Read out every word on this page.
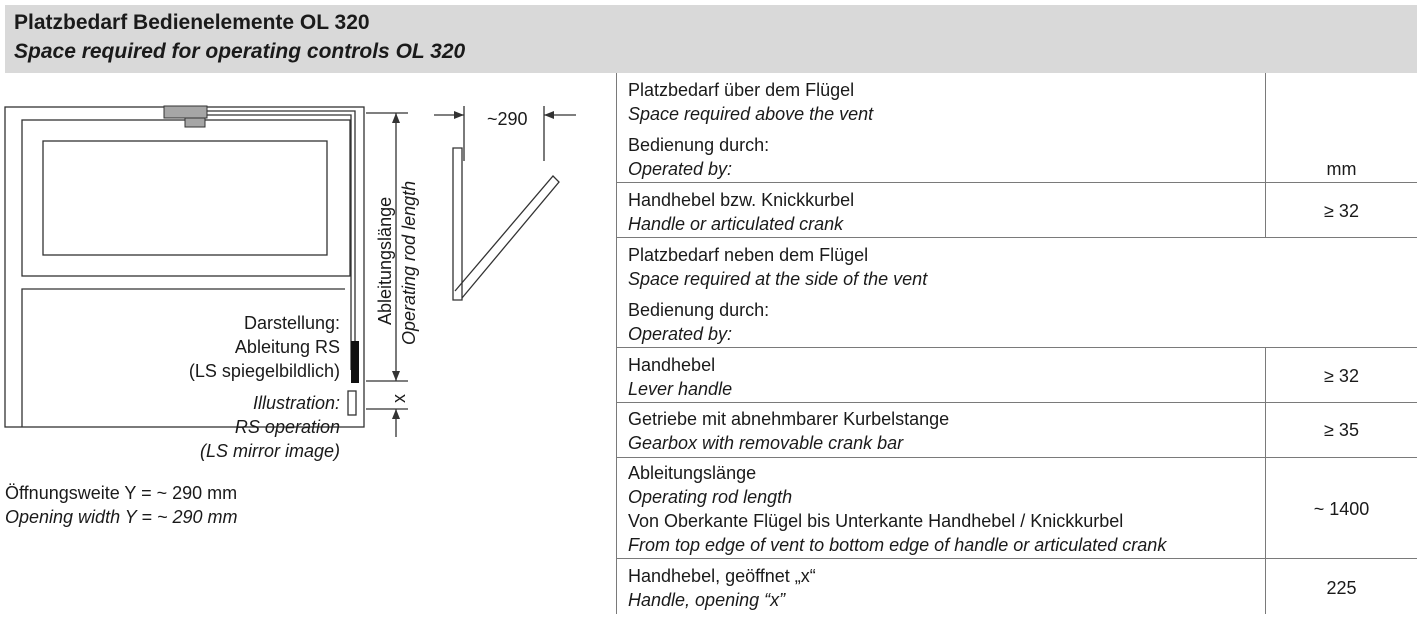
Platzbedarf Bedienelemente OL 320
Space required for operating controls OL 320
~290
Ableitungslänge Operating rod length
x
Darstellung:
Ableitung RS
(LS spiegelbildlich)
Illustration:
RS operation
(LS mirror image)
Öffnungsweite Y = ~ 290 mm
Opening width Y = ~ 290 mm
Platzbedarf über dem Flügel
Space required above the vent
Bedienung durch:
Operated by:	mm
Handhebel bzw. Knickkurbel
Handle or articulated crank
≥ 32
Platzbedarf neben dem Flügel
Space required at the side of the vent
Bedienung durch:
Operated by:
Handhebel
Lever handle
≥ 32
Getriebe mit abnehmbarer Kurbelstange
Gearbox with removable crank bar
≥ 35
Ableitungslänge
Operating rod length
Von Oberkante Flügel bis Unterkante Handhebel / Knickkurbel
From top edge of vent to bottom edge of handle or articulated crank
~ 1400
Handhebel, geöffnet „x“
Handle, opening “x”
225
